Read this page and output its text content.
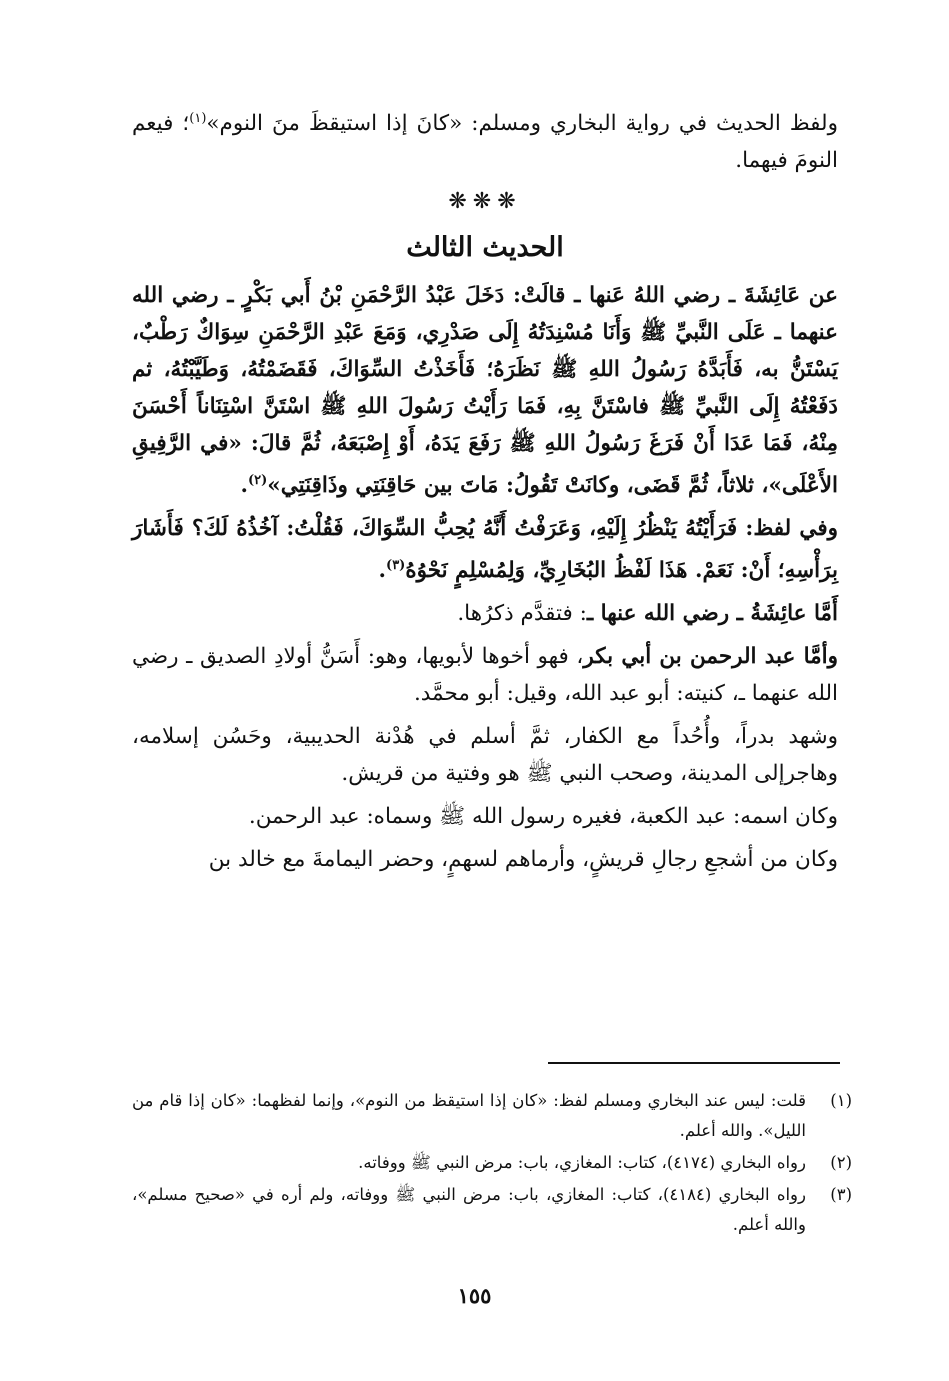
ولفظ الحديث في رواية البخاري ومسلم: «كانَ إذا استيقظَ منَ النوم»$^{(١)}$؛ فيعم النومَ فيهما.

❋❋❋
الحديث الثالث

عن عَائِشَةَ ـ رضي اللهُ عَنها ـ قالَتْ: دَخَلَ عَبْدُ الرَّحْمَنِ بْنُ أَبي بَكْرٍ ـ رضي الله عنهما ـ عَلَى النَّبيِّ ﷺ وَأَنَا مُسْنِدَتُهُ إِلَى صَدْرِي، وَمَعَ عَبْدِ الرَّحْمَنِ سِوَاكٌ رَطْبٌ، يَسْتَنُّ به، فَأَبَدَّهُ رَسُولُ اللهِ ﷺ نَظَرَهُ؛ فَأَخَذْتُ السِّوَاكَ، فَقَضَمْتُهُ، وَطَيَّبْتُهُ، ثم دَفَعْتُهُ إِلَى النَّبيِّ ﷺ فاسْتَنَّ بِهِ، فَمَا رَأَيْتُ رَسُولَ اللهِ ﷺ اسْتَنَّ اسْتِنَاناً أَحْسَنَ مِنْهُ، فَمَا عَدَا أَنْ فَرَغَ رَسُولُ اللهِ ﷺ رَفَعَ يَدَهُ، أَوْ إِصْبَعَهُ، ثُمَّ قالَ: «في الرَّفِيقِ الأَعْلَى»، ثلاثاً، ثُمَّ قَضَى، وكانَتْ تَقُولُ: مَاتَ بين حَاقِنَتِي وذَاقِنَتِي»$^{(٢)}$.

وفي لفظ: فَرَأَيْتُهُ يَنْظُرُ إِلَيْهِ، وَعَرَفْتُ أَنَّهُ يُحِبُّ السِّوَاكَ، فَقُلْتُ: آخُذُهُ لَكَ؟ فَأَشَارَ بِرَأْسِهِ؛ أَنْ: نَعَمْ. هَذَا لَفْظُ البُخَارِيِّ، وَلِمُسْلِمٍ نَحْوُهُ$^{(٣)}$.

أَمَّا عائِشَةُ ـ رضي الله عنها ـ: فتقدَّم ذكرُها.

وأمَّا عبد الرحمن بن أبي بكر، فهو أخوها لأبويها، وهو: أَسَنُّ أولادِ الصديق ـ رضي الله عنهما ـ، كنيته: أبو عبد الله، وقيل: أبو محمَّد.

وشهد بدراً، وأُحُداً مع الكفار، ثمَّ أسلم في هُدْنة الحديبية، وحَسُن إسلامه، وهاجرإلى المدينة، وصحب النبي ﷺ هو وفتية من قريش.

وكان اسمه: عبد الكعبة، فغيره رسول الله ﷺ وسماه: عبد الرحمن.

وكان من أشجعِ رجالِ قريشٍ، وأرماهم لسهمٍ، وحضر اليمامةَ مع خالد بن

(١)
قلت: ليس عند البخاري ومسلم لفظ: «كان إذا استيقظ من النوم»، وإنما لفظهما: «كان إذا قام من الليل». والله أعلم.
(٢)
رواه البخاري (٤١٧٤)، كتاب: المغازي، باب: مرض النبي ﷺ ووفاته.
(٣)
رواه البخاري (٤١٨٤)، كتاب: المغازي، باب: مرض النبي ﷺ ووفاته، ولم أره في «صحيح مسلم»، والله أعلم.
١٥٥
